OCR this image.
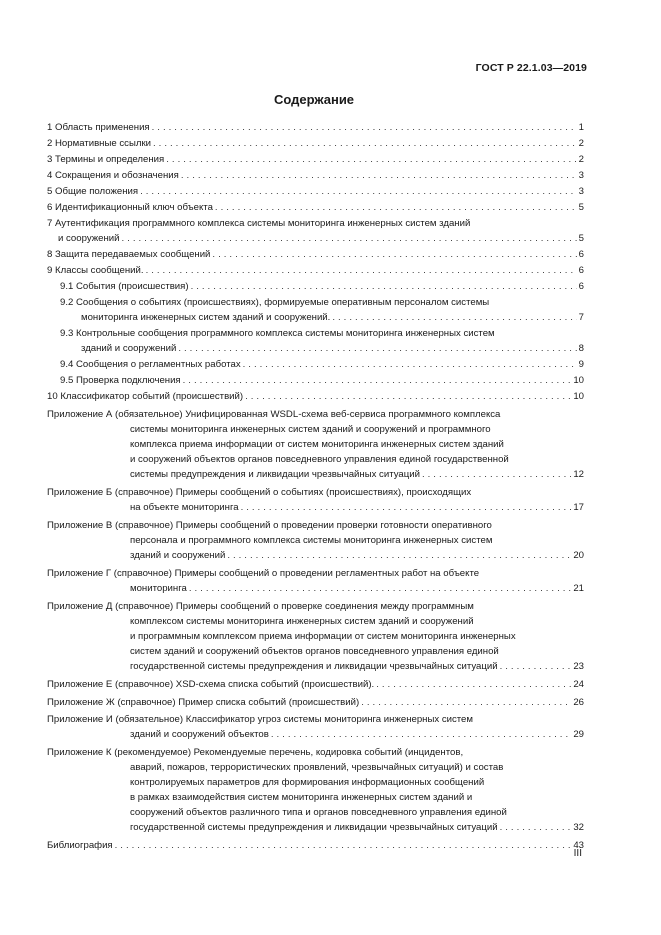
ГОСТ Р 22.1.03—2019
Содержание
1 Область применения .....	1
2 Нормативные ссылки .....	2
3 Термины и определения .....	2
4 Сокращения и обозначения .....	3
5 Общие положения .....	3
6 Идентификационный ключ объекта .....	5
7 Аутентификация программного комплекса системы мониторинга инженерных систем зданий
и сооружений .....	5
8 Защита передаваемых сообщений .....	6
9 Классы сообщений. .....	6
9.1 События (происшествия) .....	6
9.2 Сообщения о событиях (происшествиях), формируемые оперативным персоналом системы
мониторинга инженерных систем зданий и сооружений. .....	7
9.3 Контрольные сообщения программного комплекса системы мониторинга инженерных систем
зданий и сооружений .....	8
9.4 Сообщения о регламентных работах .....	9
9.5 Проверка подключения .....	10
10 Классификатор событий (происшествий) .....	10
Приложение А (обязательное) Унифицированная WSDL-схема веб-сервиса программного комплекса
системы мониторинга инженерных систем зданий и сооружений и программного
комплекса приема информации от систем мониторинга инженерных систем зданий
и сооружений объектов органов повседневного управления единой государственной
системы предупреждения и ликвидации чрезвычайных ситуаций .....	12
Приложение Б (справочное) Примеры сообщений о событиях (происшествиях), происходящих
на объекте мониторинга .....	17
Приложение В (справочное) Примеры сообщений о проведении проверки готовности оперативного
персонала и программного комплекса системы мониторинга инженерных систем
зданий и сооружений .....	20
Приложение Г (справочное) Примеры сообщений о проведении регламентных работ на объекте
мониторинга .....	21
Приложение Д (справочное) Примеры сообщений о проверке соединения между программным
комплексом системы мониторинга инженерных систем зданий и сооружений
и программным комплексом приема информации от систем мониторинга инженерных
систем зданий и сооружений объектов органов повседневного управления единой
государственной системы предупреждения и ликвидации чрезвычайных ситуаций .....	23
Приложение Е (справочное) XSD-схема списка событий (происшествий). .....	24
Приложение Ж (справочное) Пример списка событий (происшествий) .....	26
Приложение И (обязательное) Классификатор угроз системы мониторинга инженерных систем
зданий и сооружений объектов .....	29
Приложение К (рекомендуемое) Рекомендуемые перечень, кодировка событий (инцидентов,
аварий, пожаров, террористических проявлений, чрезвычайных ситуаций) и состав
контролируемых параметров для формирования информационных сообщений
в рамках взаимодействия систем мониторинга инженерных систем зданий и
сооружений объектов различного типа и органов повседневного управления единой
государственной системы предупреждения и ликвидации чрезвычайных ситуаций .....	32
Библиография .....	43
III
